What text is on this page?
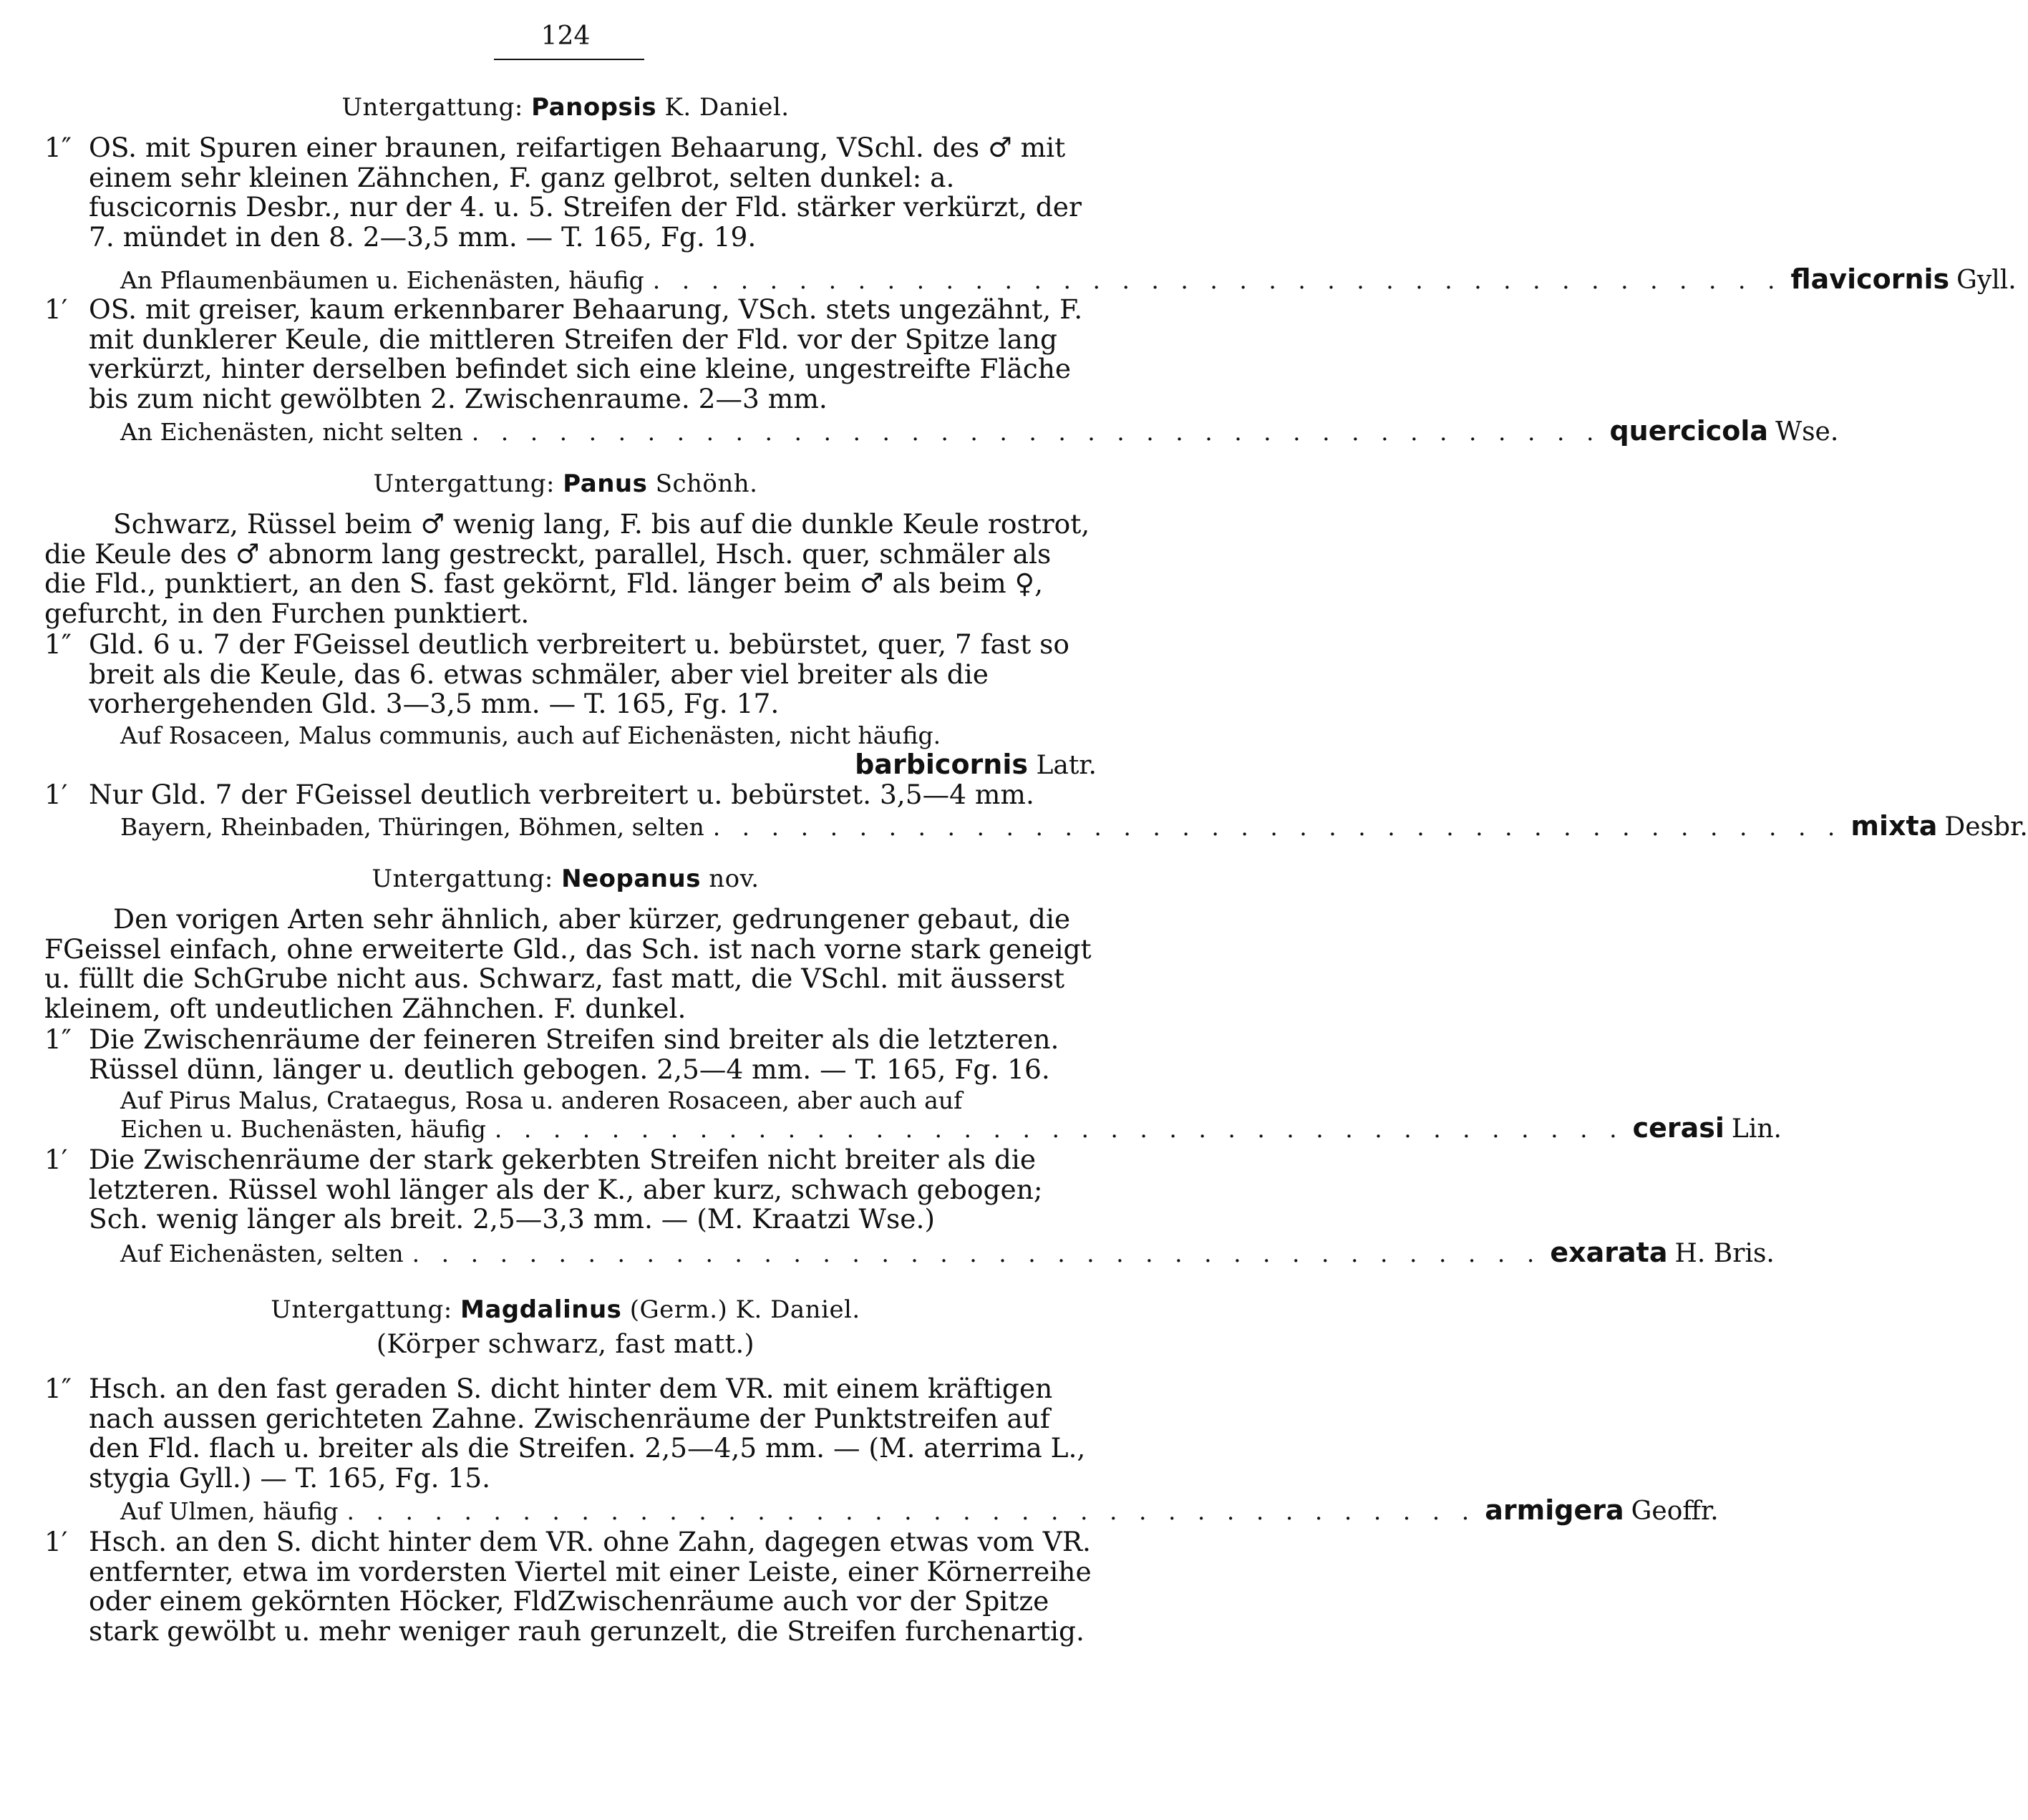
124
Untergattung: Panopsis K. Daniel.
1″ OS. mit Spuren einer braunen, reifartigen Behaarung, VSchl. des ♂ mit einem sehr kleinen Zähnchen, F. ganz gelbrot, selten dunkel: a. fuscicornis Desbr., nur der 4. u. 5. Streifen der Fld. stärker verkürzt, der 7. mündet in den 8. 2—3,5 mm. — T. 165, Fg. 19.
An Pflaumenbäumen u. Eichenästen, häufig . . . . . . . . . . . . . . . . . . . . . . . . . . . . . . . . . . . . . . . flavicornis Gyll.
1′ OS. mit greiser, kaum erkennbarer Behaarung, VSch. stets ungezähnt, F. mit dunklerer Keule, die mittleren Streifen der Fld. vor der Spitze lang verkürzt, hinter derselben befindet sich eine kleine, ungestreifte Fläche bis zum nicht gewölbten 2. Zwischenraume. 2—3 mm.
An Eichenästen, nicht selten . . . . . . . . . . . . . . . . . . . . . . . . . . . . . . . . . . . . . . . quercicola Wse.
Untergattung: Panus Schönh.
Schwarz, Rüssel beim ♂ wenig lang, F. bis auf die dunkle Keule rostrot, die Keule des ♂ abnorm lang gestreckt, parallel, Hsch. quer, schmäler als die Fld., punktiert, an den S. fast gekörnt, Fld. länger beim ♂ als beim ♀, gefurcht, in den Furchen punktiert.
1″ Gld. 6 u. 7 der FGeissel deutlich verbreitert u. bebürstet, quer, 7 fast so breit als die Keule, das 6. etwas schmäler, aber viel breiter als die vorhergehenden Gld. 3—3,5 mm. — T. 165, Fg. 17.
Auf Rosaceen, Malus communis, auch auf Eichenästen, nicht häufig.
barbicornis Latr.
1′ Nur Gld. 7 der FGeissel deutlich verbreitert u. bebürstet. 3,5—4 mm.
Bayern, Rheinbaden, Thüringen, Böhmen, selten . . . . . . . . . . . . . . . . . . . . . . . . . . . . . . . . . . . . . . . mixta Desbr.
Untergattung: Neopanus nov.
Den vorigen Arten sehr ähnlich, aber kürzer, gedrungener gebaut, die FGeissel einfach, ohne erweiterte Gld., das Sch. ist nach vorne stark geneigt u. füllt die SchGrube nicht aus. Schwarz, fast matt, die VSchl. mit äusserst kleinem, oft undeutlichen Zähnchen. F. dunkel.
1″ Die Zwischenräume der feineren Streifen sind breiter als die letzteren. Rüssel dünn, länger u. deutlich gebogen. 2,5—4 mm. — T. 165, Fg. 16.
Auf Pirus Malus, Crataegus, Rosa u. anderen Rosaceen, aber auch auf
Eichen u. Buchenästen, häufig . . . . . . . . . . . . . . . . . . . . . . . . . . . . . . . . . . . . . . . cerasi Lin.
1′ Die Zwischenräume der stark gekerbten Streifen nicht breiter als die letzteren. Rüssel wohl länger als der K., aber kurz, schwach gebogen; Sch. wenig länger als breit. 2,5—3,3 mm. — (M. Kraatzi Wse.)
Auf Eichenästen, selten . . . . . . . . . . . . . . . . . . . . . . . . . . . . . . . . . . . . . . . exarata H. Bris.
Untergattung: Magdalinus (Germ.) K. Daniel.
(Körper schwarz, fast matt.)
1″ Hsch. an den fast geraden S. dicht hinter dem VR. mit einem kräftigen nach aussen gerichteten Zahne. Zwischenräume der Punktstreifen auf den Fld. flach u. breiter als die Streifen. 2,5—4,5 mm. — (M. aterrima L., stygia Gyll.) — T. 165, Fg. 15.
Auf Ulmen, häufig . . . . . . . . . . . . . . . . . . . . . . . . . . . . . . . . . . . . . . . armigera Geoffr.
1′ Hsch. an den S. dicht hinter dem VR. ohne Zahn, dagegen etwas vom VR. entfernter, etwa im vordersten Viertel mit einer Leiste, einer Körnerreihe oder einem gekörnten Höcker, FldZwischenräume auch vor der Spitze stark gewölbt u. mehr weniger rauh gerunzelt, die Streifen furchenartig.
